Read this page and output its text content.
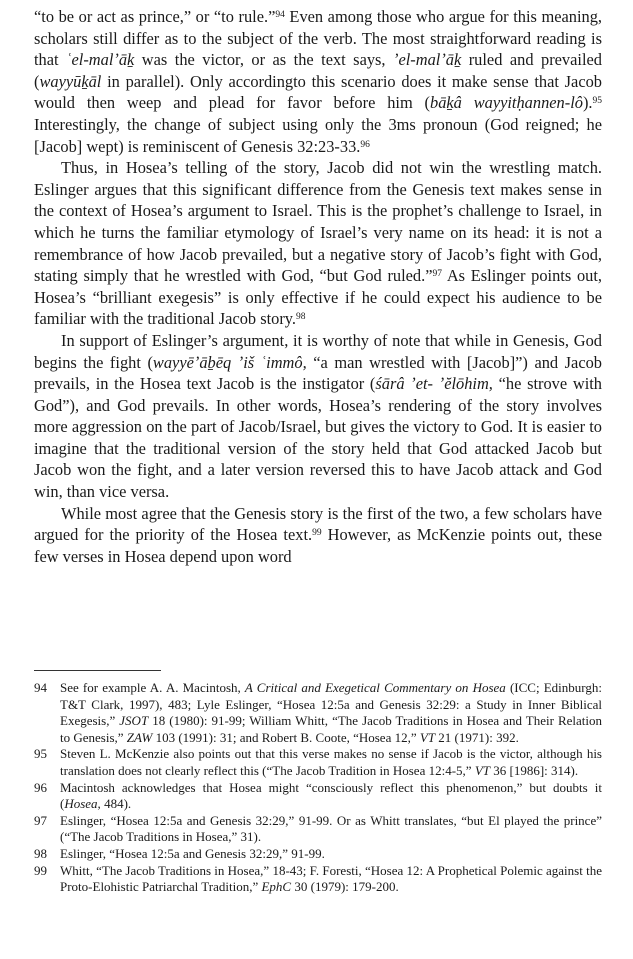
“to be or act as prince,” or “to rule.”$^{94}$ Even among those who argue for this meaning, scholars still differ as to the subject of the verb. The most straightforward reading is that ʿel-malʼāḵ was the victor, or as the text says, ʼel-malʼāḵ ruled and prevailed (wayyūḵāl in parallel). Only accordingto this scenario does it make sense that Jacob would then weep and plead for favor before him (bāḵâ wayyitḥannen-lô).$^{95}$ Interestingly, the change of subject using only the 3ms pronoun (God reigned; he [Jacob] wept) is reminiscent of Genesis 32:23-33.96

Thus, in Hosea’s telling of the story, Jacob did not win the wrestling match. Eslinger argues that this significant difference from the Genesis text makes sense in the context of Hosea’s argument to Israel. This is the prophet’s challenge to Israel, in which he turns the familiar etymology of Israel’s very name on its head: it is not a remembrance of how Jacob prevailed, but a negative story of Jacob’s fight with God, stating simply that he wrestled with God, “but God ruled.”$^{97}$ As Eslinger points out, Hosea’s “brilliant exegesis” is only effective if he could expect his audience to be familiar with the traditional Jacob story.$^{98}$

In support of Eslinger’s argument, it is worthy of note that while in Genesis, God begins the fight (wayyēʼāḇēq ʼiš ʿimmô, “a man wrestled with [Jacob]”) and Jacob prevails, in the Hosea text Jacob is the instigator (śārâ ʼet- ʼĕlōhim, “he strove with God”), and God prevails. In other words, Hosea’s rendering of the story involves more aggression on the part of Jacob/Israel, but gives the victory to God. It is easier to imagine that the traditional version of the story held that God attacked Jacob but Jacob won the fight, and a later version reversed this to have Jacob attack and God win, than vice versa.

While most agree that the Genesis story is the first of the two, a few scholars have argued for the priority of the Hosea text.$^{99}$ However, as McKenzie points out, these few verses in Hosea depend upon word

94	See for example A. A. Macintosh, A Critical and Exegetical Commentary on Hosea (ICC; Edinburgh: T&T Clark, 1997), 483; Lyle Eslinger, “Hosea 12:5a and Genesis 32:29: a Study in Inner Biblical Exegesis,” JSOT 18 (1980): 91-99; William Whitt, “The Jacob Traditions in Hosea and Their Relation to Genesis,” ZAW 103 (1991): 31; and Robert B. Coote, “Hosea 12,” VT 21 (1971): 392.
95	Steven L. McKenzie also points out that this verse makes no sense if Jacob is the victor, although his translation does not clearly reflect this (“The Jacob Tradition in Hosea 12:4-5,” VT 36 [1986]: 314).
96	Macintosh acknowledges that Hosea might “consciously reflect this phenomenon,” but doubts it (Hosea, 484).
97	Eslinger, “Hosea 12:5a and Genesis 32:29,” 91-99. Or as Whitt translates, “but El played the prince” (“The Jacob Traditions in Hosea,” 31).
98	Eslinger, “Hosea 12:5a and Genesis 32:29,” 91-99.
99	Whitt, “The Jacob Traditions in Hosea,” 18-43; F. Foresti, “Hosea 12: A Prophetical Polemic against the Proto-Elohistic Patriarchal Tradition,” EphC 30 (1979): 179-200.
